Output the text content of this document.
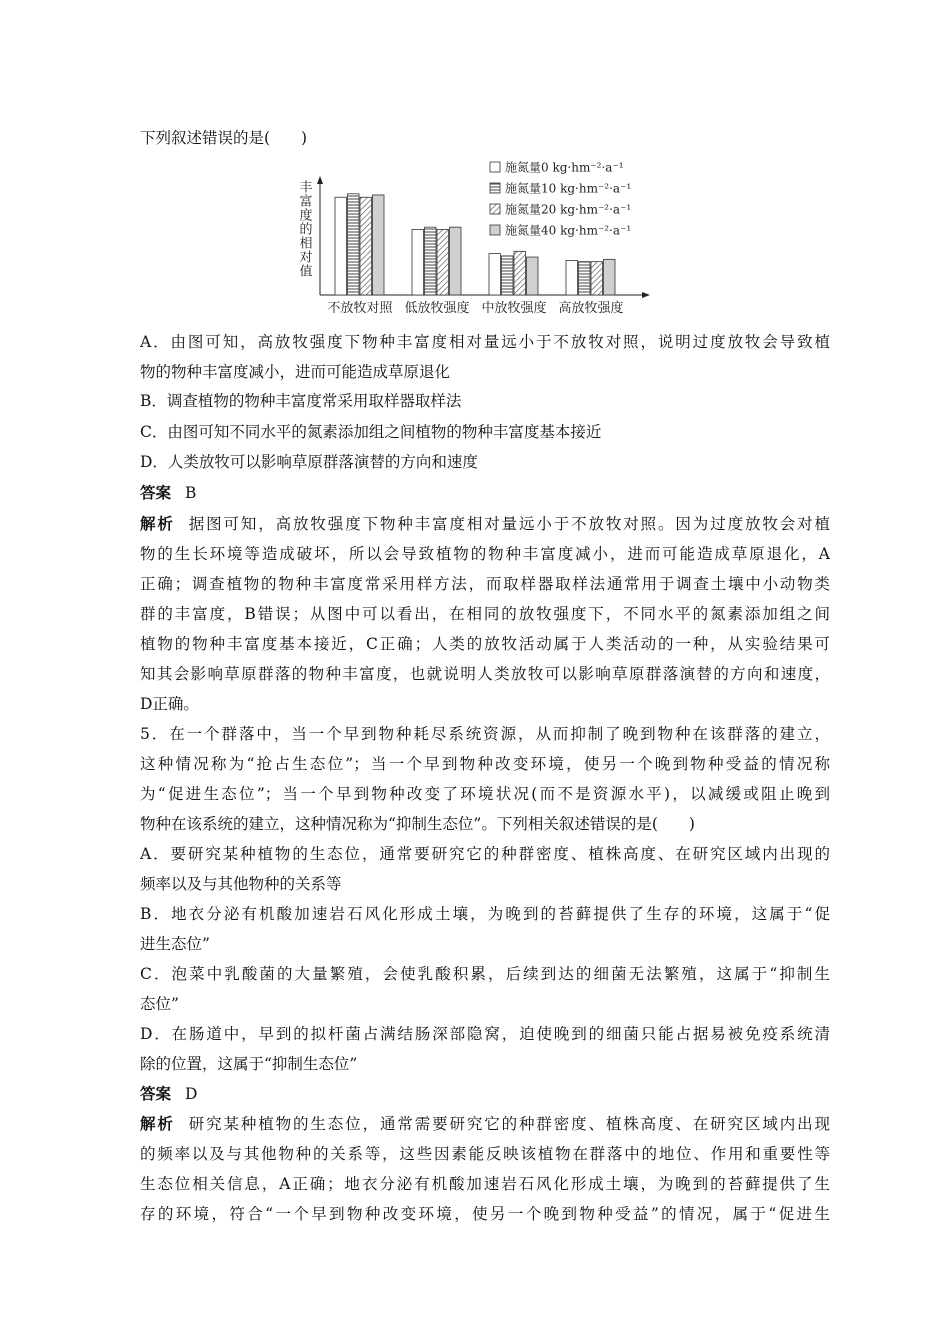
下列叙述错误的是(　　)
丰富度的相对值
不放牧对照 低放牧强度 中放牧强度 高放牧强度
施氮量0 kg·hm⁻²·a⁻¹
施氮量10 kg·hm⁻²·a⁻¹
施氮量20 kg·hm⁻²·a⁻¹
施氮量40 kg·hm⁻²·a⁻¹
A．由图可知，高放牧强度下物种丰富度相对量远小于不放牧对照，说明过度放牧会导致植
物的物种丰富度减小，进而可能造成草原退化
B．调查植物的物种丰富度常采用取样器取样法
C．由图可知不同水平的氮素添加组之间植物的物种丰富度基本接近
D．人类放牧可以影响草原群落演替的方向和速度
答案 B
解析 据图可知，高放牧强度下物种丰富度相对量远小于不放牧对照。因为过度放牧会对植
物的生长环境等造成破坏，所以会导致植物的物种丰富度减小，进而可能造成草原退化，A
正确；调查植物的物种丰富度常采用样方法，而取样器取样法通常用于调查土壤中小动物类
群的丰富度，B错误；从图中可以看出，在相同的放牧强度下，不同水平的氮素添加组之间
植物的物种丰富度基本接近，C正确；人类的放牧活动属于人类活动的一种，从实验结果可
知其会影响草原群落的物种丰富度，也就说明人类放牧可以影响草原群落演替的方向和速度，
D正确。
5．在一个群落中，当一个早到物种耗尽系统资源，从而抑制了晚到物种在该群落的建立，
这种情况称为“抢占生态位”；当一个早到物种改变环境，使另一个晚到物种受益的情况称
为“促进生态位”；当一个早到物种改变了环境状况(而不是资源水平)，以减缓或阻止晚到
物种在该系统的建立，这种情况称为“抑制生态位”。下列相关叙述错误的是(　　)
A．要研究某种植物的生态位，通常要研究它的种群密度、植株高度、在研究区域内出现的
频率以及与其他物种的关系等
B．地衣分泌有机酸加速岩石风化形成土壤，为晚到的苔藓提供了生存的环境，这属于“促
进生态位”
C．泡菜中乳酸菌的大量繁殖，会使乳酸积累，后续到达的细菌无法繁殖，这属于“抑制生
态位”
D．在肠道中，早到的拟杆菌占满结肠深部隐窝，迫使晚到的细菌只能占据易被免疫系统清
除的位置，这属于“抑制生态位”
答案 D
解析 研究某种植物的生态位，通常需要研究它的种群密度、植株高度、在研究区域内出现
的频率以及与其他物种的关系等，这些因素能反映该植物在群落中的地位、作用和重要性等
生态位相关信息，A正确；地衣分泌有机酸加速岩石风化形成土壤，为晚到的苔藓提供了生
存的环境，符合“一个早到物种改变环境，使另一个晚到物种受益”的情况，属于“促进生
